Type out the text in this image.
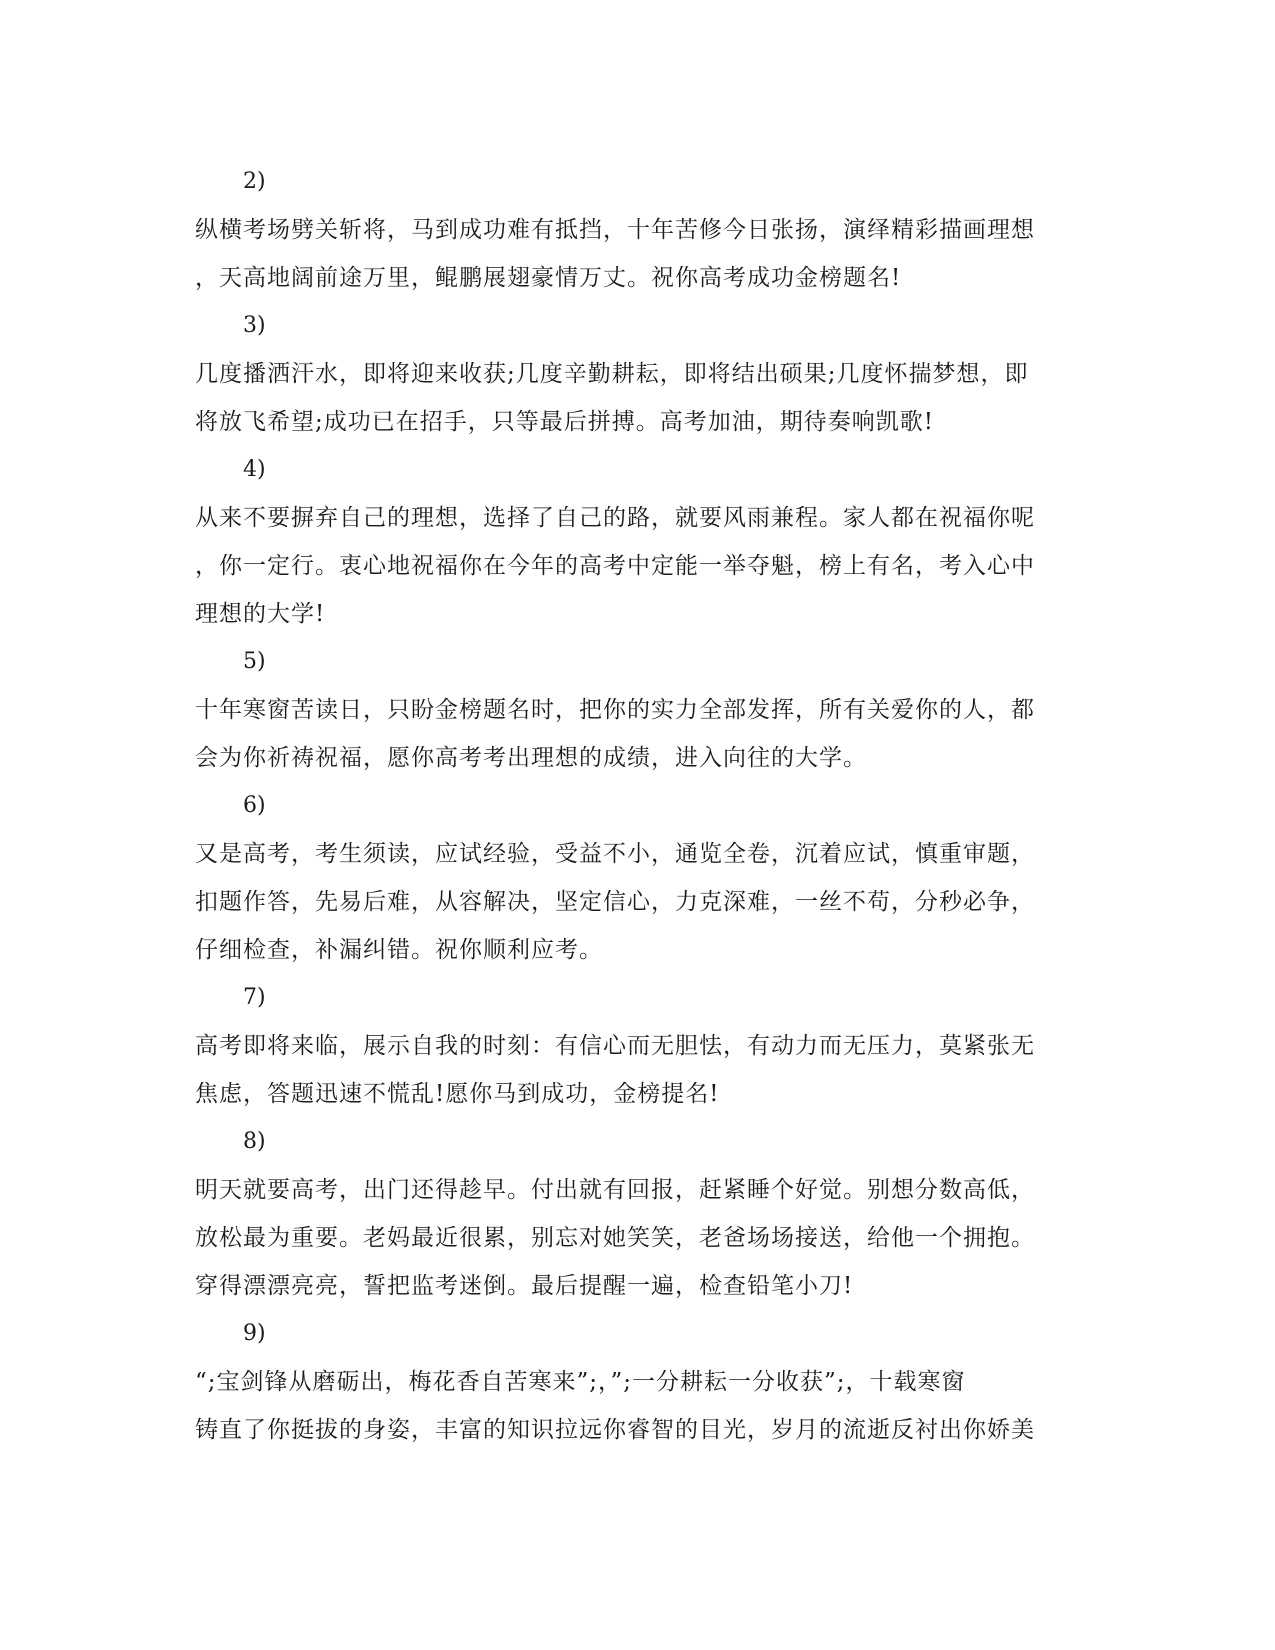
2)

纵横考场劈关斩将，马到成功难有抵挡，十年苦修今日张扬，演绎精彩描画理想
，天高地阔前途万里，鲲鹏展翅豪情万丈。祝你高考成功金榜题名!

3)

几度播洒汗水，即将迎来收获;几度辛勤耕耘，即将结出硕果;几度怀揣梦想，即
将放飞希望;成功已在招手，只等最后拼搏。高考加油，期待奏响凯歌!

4)

从来不要摒弃自己的理想，选择了自己的路，就要风雨兼程。家人都在祝福你呢
，你一定行。衷心地祝福你在今年的高考中定能一举夺魁，榜上有名，考入心中
理想的大学!

5)

十年寒窗苦读日，只盼金榜题名时，把你的实力全部发挥，所有关爱你的人，都
会为你祈祷祝福，愿你高考考出理想的成绩，进入向往的大学。

6)

又是高考，考生须读，应试经验，受益不小，通览全卷，沉着应试，慎重审题，
扣题作答，先易后难，从容解决，坚定信心，力克深难，一丝不苟，分秒必争，
仔细检查，补漏纠错。祝你顺利应考。

7)

高考即将来临，展示自我的时刻：有信心而无胆怯，有动力而无压力，莫紧张无
焦虑，答题迅速不慌乱!愿你马到成功，金榜提名!

8)

明天就要高考，出门还得趁早。付出就有回报，赶紧睡个好觉。别想分数高低，
放松最为重要。老妈最近很累，别忘对她笑笑，老爸场场接送，给他一个拥抱。
穿得漂漂亮亮，誓把监考迷倒。最后提醒一遍，检查铅笔小刀!

9)

“;宝剑锋从磨砺出，梅花香自苦寒来”;，”;一分耕耘一分收获”;，十载寒窗
铸直了你挺拔的身姿，丰富的知识拉远你睿智的目光，岁月的流逝反衬出你娇美
